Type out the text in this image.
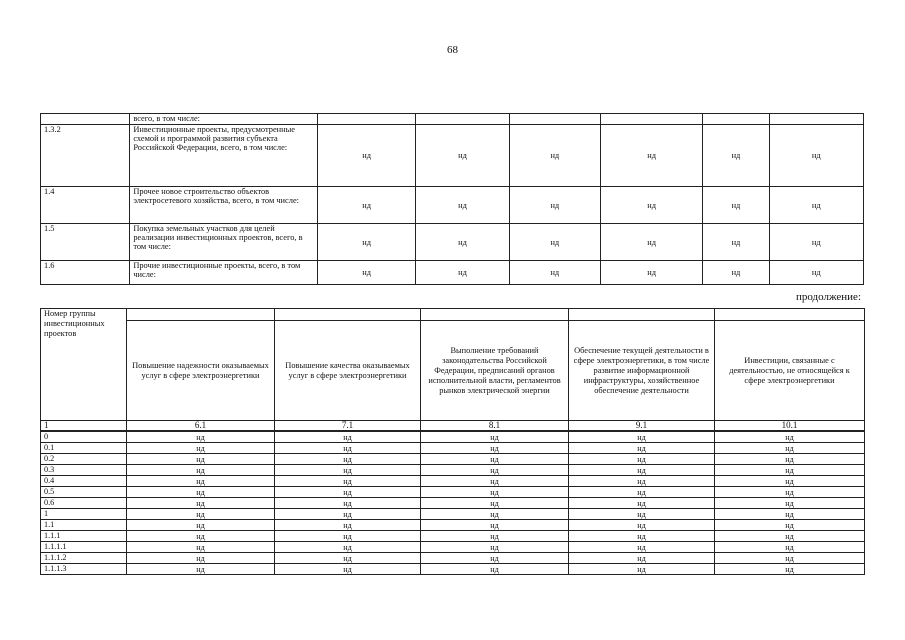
68
	всего, в том числе:						
1.3.2	Инвестиционные проекты, предусмотренные схемой и программой развития субъекта Российской Федерации, всего, в том числе:	нд	нд	нд	нд	нд	нд
1.4	Прочее новое строительство объектов электросетевого хозяйства, всего, в том числе:	нд	нд	нд	нд	нд	нд
1.5	Покупка земельных участков для целей реализации инвестиционных проектов, всего, в том числе:	нд	нд	нд	нд	нд	нд
1.6	Прочие инвестиционные проекты, всего, в том числе:	нд	нд	нд	нд	нд	нд
продолжение:
Номер группы инвестиционных проектов					
	Повышение надежности оказываемых услуг в сфере электроэнергетики	Повышение качества оказываемых услуг в сфере электроэнергетики	Выполнение требований законодательства Российской Федерации, предписаний органов исполнительной власти, регламентов рынков электрической энергии	Обеспечение текущей деятельности в сфере электроэнергетики, в том числе развитие информационной инфраструктуры, хозяйственное обеспечение деятельности	Инвестиции, связанные с деятельностью, не относящейся к сфере электроэнергетики
1	6.1	7.1	8.1	9.1	10.1
0	нд	нд	нд	нд	нд
0.1	нд	нд	нд	нд	нд
0.2	нд	нд	нд	нд	нд
0.3	нд	нд	нд	нд	нд
0.4	нд	нд	нд	нд	нд
0.5	нд	нд	нд	нд	нд
0.6	нд	нд	нд	нд	нд
1	нд	нд	нд	нд	нд
1.1	нд	нд	нд	нд	нд
1.1.1	нд	нд	нд	нд	нд
1.1.1.1	нд	нд	нд	нд	нд
1.1.1.2	нд	нд	нд	нд	нд
1.1.1.3	нд	нд	нд	нд	нд
